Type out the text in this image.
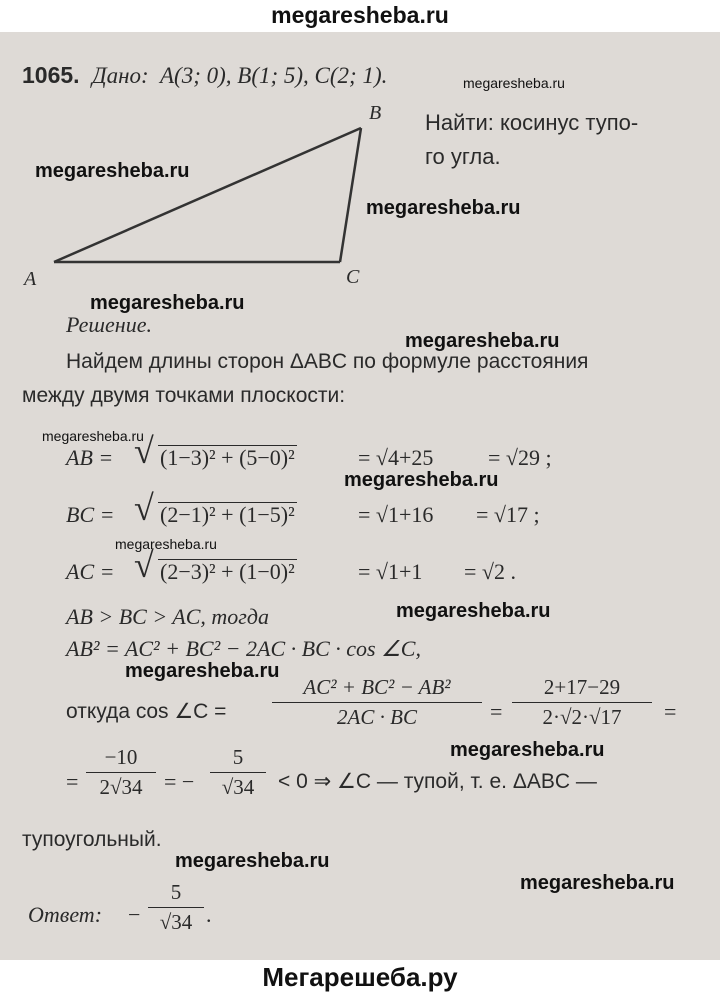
megaresheba.ru
1065. Дано: A(3; 0), B(1; 5), C(2; 1).
Найти: косинус тупо-
го угла.
A
B
C
Решение.
Найдем длины сторон ΔABC по формуле расстояния
между двумя точками плоскости:
AB = √ (1−3)² + (5−0)²	= √4+25 = √29 ;
BC = √ (2−1)² + (1−5)²	= √1+16 = √17 ;
AC = √ (2−3)² + (1−0)²	= √1+1 = √2 .
AB > BC > AC, тогда
AB² = AC² + BC² − 2AC · BC · cos ∠C,
откуда cos ∠C =
AC² + BC² − AB²
2AC · BC	=
2+17−29
2·√2·√17	=
=
−10
2√34 = −
5
√34	< 0 ⇒ ∠C — тупой, т. е. ΔABC —
тупоугольный.
Ответ: −
5
√34 .
megaresheba.ru
megaresheba.ru
megaresheba.ru
megaresheba.ru
megaresheba.ru
megaresheba.ru
megaresheba.ru
megaresheba.ru
megaresheba.ru
megaresheba.ru
megaresheba.ru
megaresheba.ru
megaresheba.ru
Мегарешеба.ру
